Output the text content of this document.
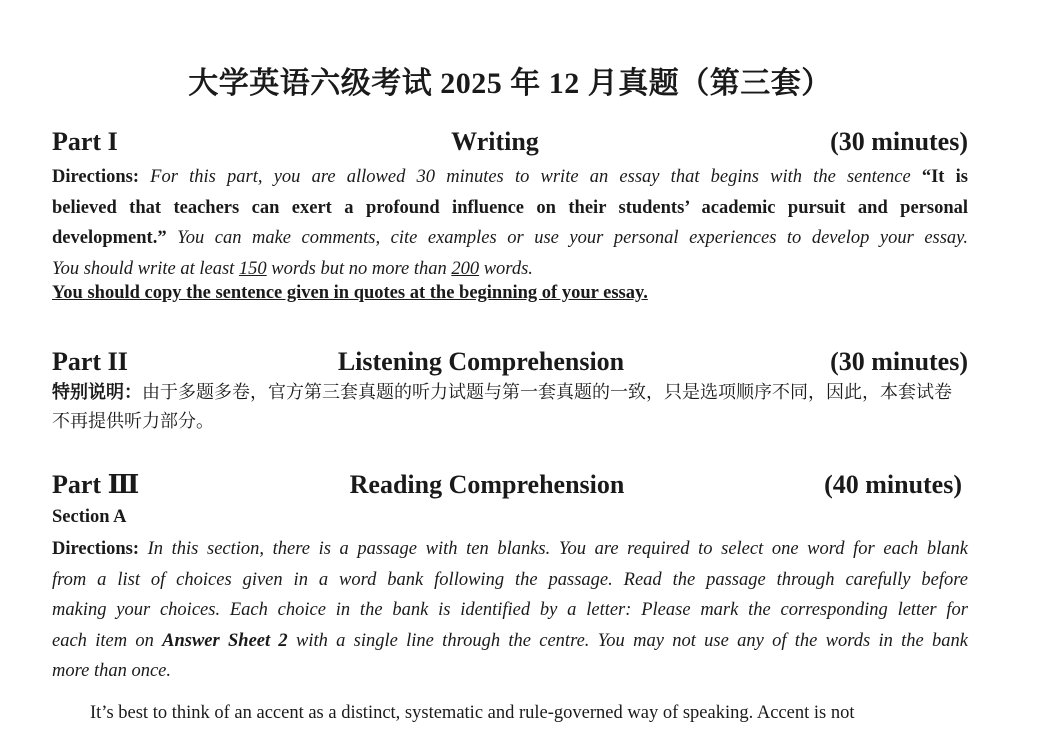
大学英语六级考试 2025 年 12 月真题（第三套）
Part I	Writing	(30 minutes)
Directions: For this part, you are allowed 30 minutes to write an essay that begins with the sentence “It is
believed that teachers can exert a profound influence on their students’ academic pursuit and personal
development.” You can make comments, cite examples or use your personal experiences to develop your essay.
You should write at least 150 words but no more than 200 words.
You should copy the sentence given in quotes at the beginning of your essay.
Part II	Listening Comprehension	(30 minutes)
特别说明：由于多题多卷，官方第三套真题的听力试题与第一套真题的一致，只是选项顺序不同，因此，本套试卷不再提供听力部分。
Part Ⅲ	Reading Comprehension	(40 minutes)
Section A
Directions: In this section, there is a passage with ten blanks. You are required to select one word for each blank
from a list of choices given in a word bank following the passage. Read the passage through carefully before
making your choices. Each choice in the bank is identified by a letter: Please mark the corresponding letter for
each item on Answer Sheet 2 with a single line through the centre. You may not use any of the words in the bank
more than once.
It’s best to think of an accent as a distinct, systematic and rule-governed way of speaking. Accent is not
